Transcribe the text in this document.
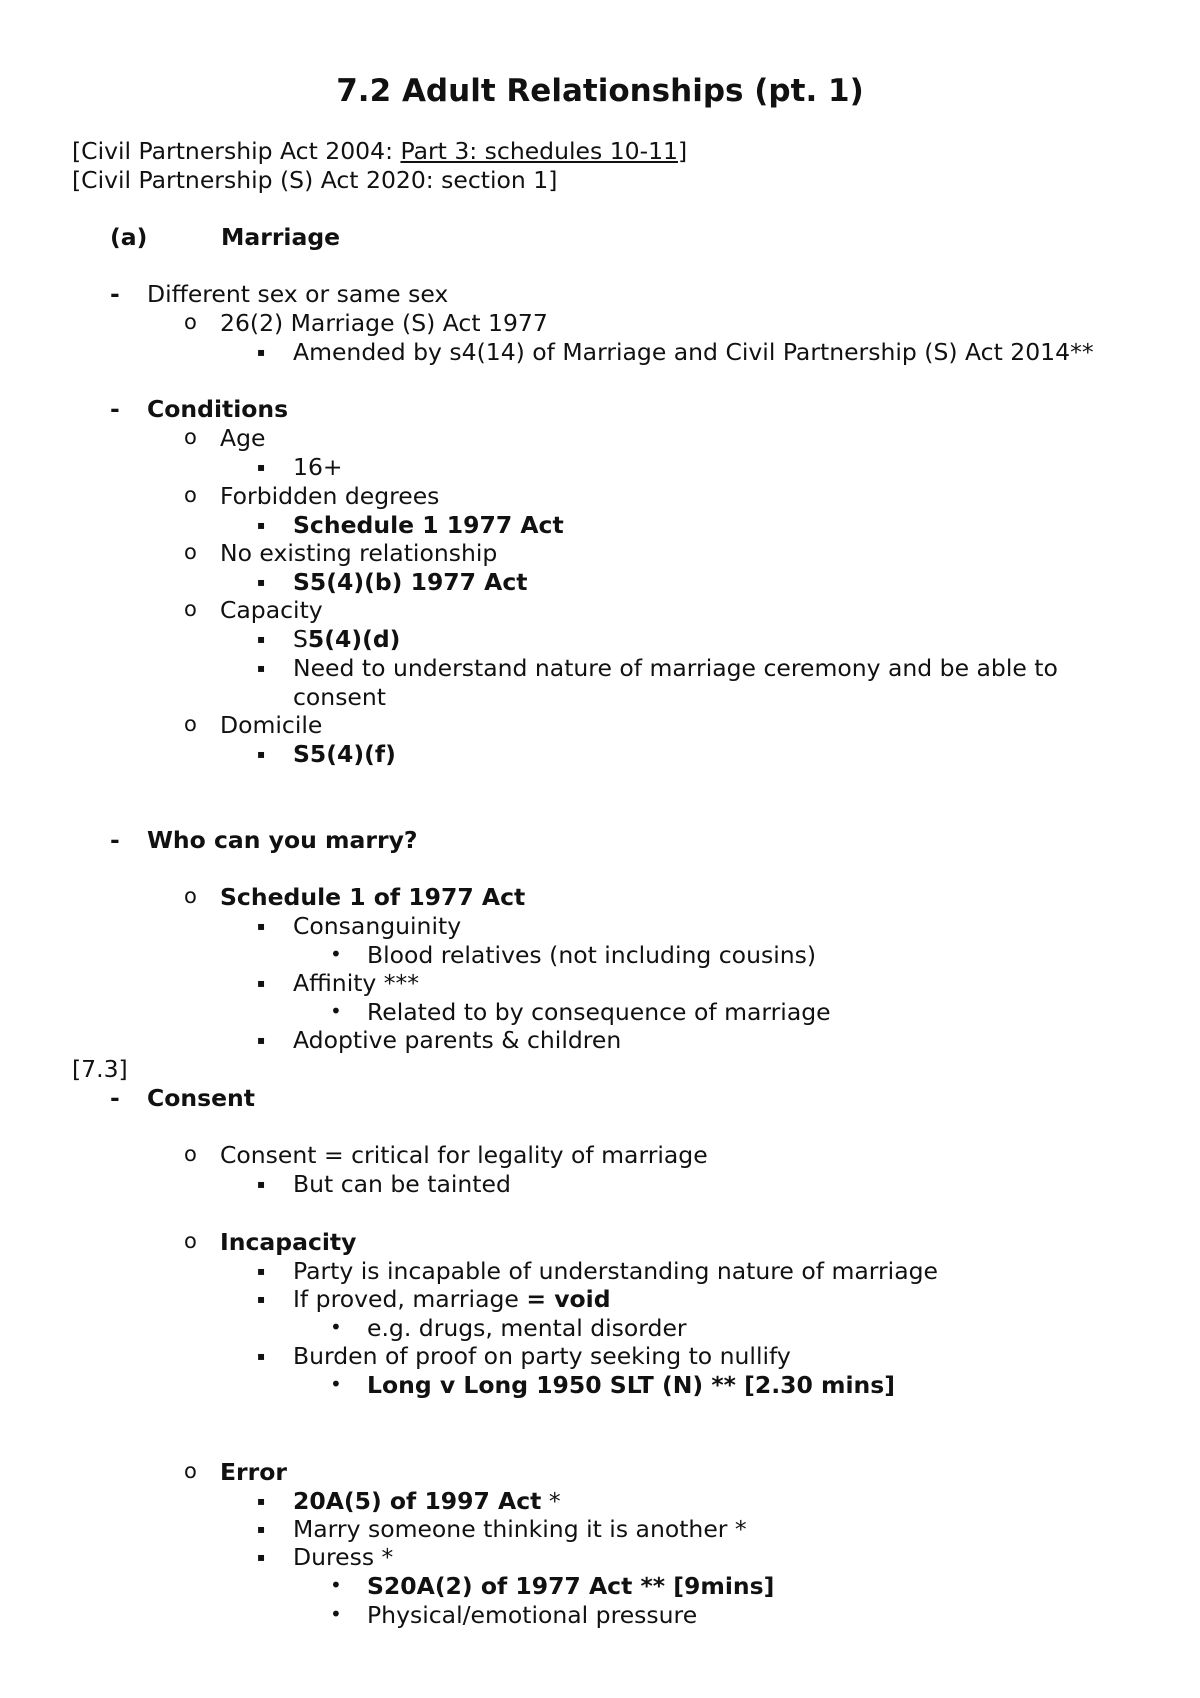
7.2 Adult Relationships (pt. 1)
[Civil Partnership Act 2004: Part 3: schedules 10-11]
[Civil Partnership (S) Act 2020: section 1]
(a)	Marriage
- Different sex or same sex
o 26(2) Marriage (S) Act 1977
▪ Amended by s4(14) of Marriage and Civil Partnership (S) Act 2014**
- Conditions
o Age
▪ 16+
o Forbidden degrees
▪ Schedule 1 1977 Act
o No existing relationship
▪ S5(4)(b) 1977 Act
o Capacity
▪ S5(4)(d)
▪ Need to understand nature of marriage ceremony and be able to
consent
o Domicile
▪ S5(4)(f)
- Who can you marry?
o Schedule 1 of 1977 Act
▪ Consanguinity
• Blood relatives (not including cousins)
▪ Affinity ***
• Related to by consequence of marriage
▪ Adoptive parents & children
[7.3]
- Consent
o Consent = critical for legality of marriage
▪ But can be tainted
o Incapacity
▪ Party is incapable of understanding nature of marriage
▪ If proved, marriage = void
• e.g. drugs, mental disorder
▪ Burden of proof on party seeking to nullify
• Long v Long 1950 SLT (N) ** [2.30 mins]
o Error
▪ 20A(5) of 1997 Act *
▪ Marry someone thinking it is another *
▪ Duress *
• S20A(2) of 1977 Act ** [9mins]
• Physical/emotional pressure
